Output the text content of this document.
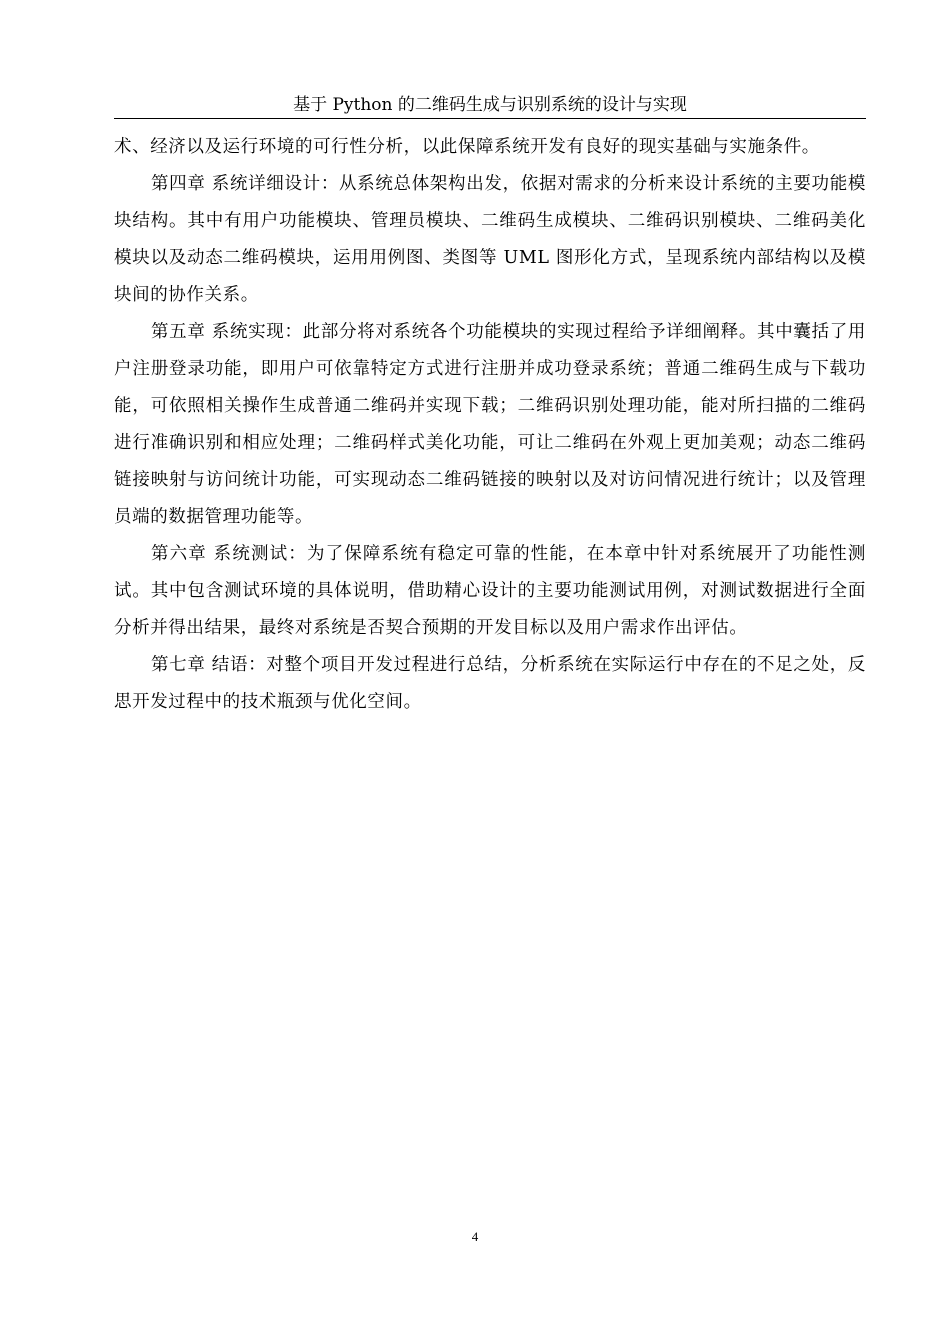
基于 Python 的二维码生成与识别系统的设计与实现

术、经济以及运行环境的可行性分析，以此保障系统开发有良好的现实基础与实施条件。

第四章 系统详细设计：从系统总体架构出发，依据对需求的分析来设计系统的主要功能模块结构。其中有用户功能模块、管理员模块、二维码生成模块、二维码识别模块、二维码美化模块以及动态二维码模块，运用用例图、类图等 UML 图形化方式，呈现系统内部结构以及模块间的协作关系。

第五章 系统实现：此部分将对系统各个功能模块的实现过程给予详细阐释。其中囊括了用户注册登录功能，即用户可依靠特定方式进行注册并成功登录系统；普通二维码生成与下载功能，可依照相关操作生成普通二维码并实现下载；二维码识别处理功能，能对所扫描的二维码进行准确识别和相应处理；二维码样式美化功能，可让二维码在外观上更加美观；动态二维码链接映射与访问统计功能，可实现动态二维码链接的映射以及对访问情况进行统计；以及管理员端的数据管理功能等。

第六章 系统测试：为了保障系统有稳定可靠的性能，在本章中针对系统展开了功能性测试。其中包含测试环境的具体说明，借助精心设计的主要功能测试用例，对测试数据进行全面分析并得出结果，最终对系统是否契合预期的开发目标以及用户需求作出评估。

第七章 结语：对整个项目开发过程进行总结，分析系统在实际运行中存在的不足之处，反思开发过程中的技术瓶颈与优化空间。

4
